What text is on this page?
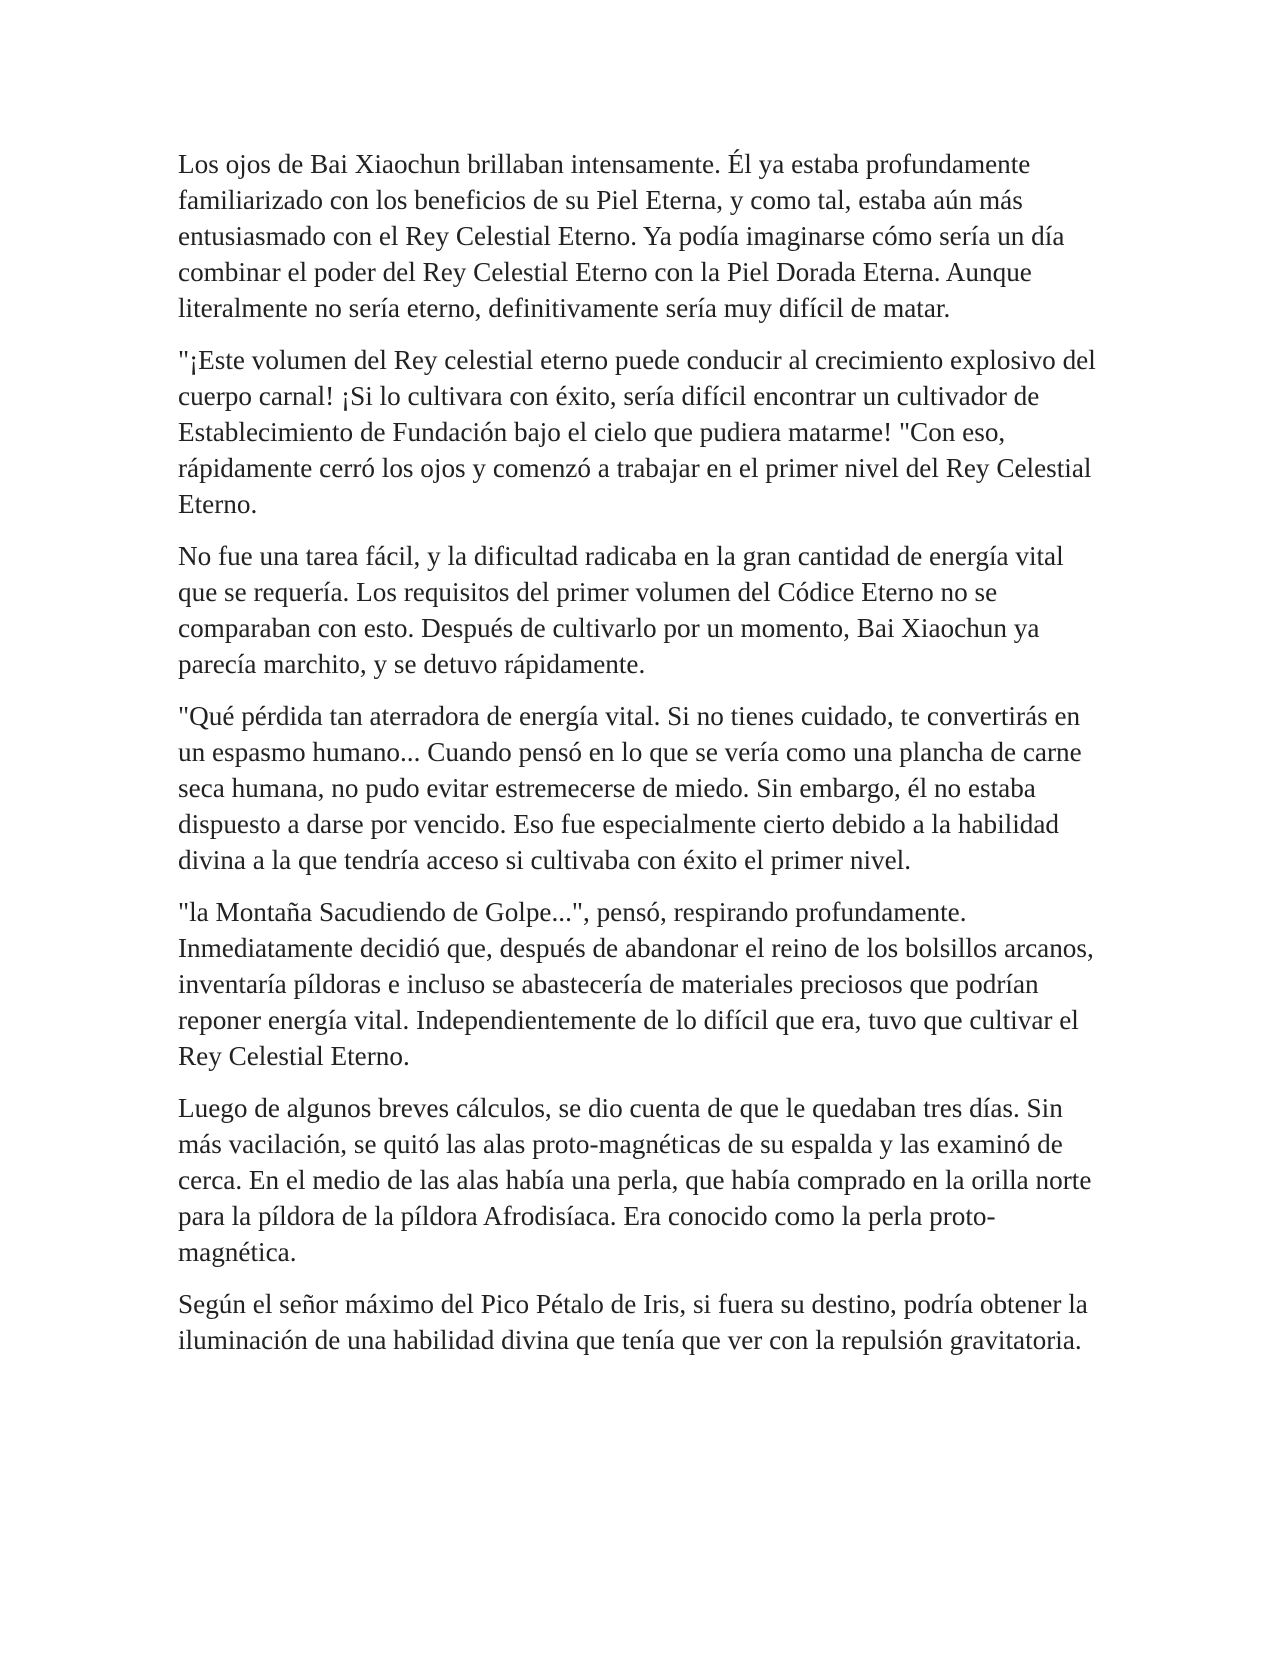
Los ojos de Bai Xiaochun brillaban intensamente. Él ya estaba profundamente familiarizado con los beneficios de su Piel Eterna, y como tal, estaba aún más entusiasmado con el Rey Celestial Eterno. Ya podía imaginarse cómo sería un día combinar el poder del Rey Celestial Eterno con la Piel Dorada Eterna. Aunque literalmente no sería eterno, definitivamente sería muy difícil de matar.

"¡Este volumen del Rey celestial eterno puede conducir al crecimiento explosivo del cuerpo carnal! ¡Si lo cultivara con éxito, sería difícil encontrar un cultivador de Establecimiento de Fundación bajo el cielo que pudiera matarme! "Con eso, rápidamente cerró los ojos y comenzó a trabajar en el primer nivel del Rey Celestial Eterno.

No fue una tarea fácil, y la dificultad radicaba en la gran cantidad de energía vital que se requería. Los requisitos del primer volumen del Códice Eterno no se comparaban con esto. Después de cultivarlo por un momento, Bai Xiaochun ya parecía marchito, y se detuvo rápidamente.

"Qué pérdida tan aterradora de energía vital. Si no tienes cuidado, te convertirás en un espasmo humano... Cuando pensó en lo que se vería como una plancha de carne seca humana, no pudo evitar estremecerse de miedo. Sin embargo, él no estaba dispuesto a darse por vencido. Eso fue especialmente cierto debido a la habilidad divina a la que tendría acceso si cultivaba con éxito el primer nivel.

"la Montaña Sacudiendo de Golpe...", pensó, respirando profundamente. Inmediatamente decidió que, después de abandonar el reino de los bolsillos arcanos, inventaría píldoras e incluso se abastecería de materiales preciosos que podrían reponer energía vital. Independientemente de lo difícil que era, tuvo que cultivar el Rey Celestial Eterno.

Luego de algunos breves cálculos, se dio cuenta de que le quedaban tres días. Sin más vacilación, se quitó las alas proto-magnéticas de su espalda y las examinó de cerca. En el medio de las alas había una perla, que había comprado en la orilla norte para la píldora de la píldora Afrodisíaca. Era conocido como la perla proto-magnética.

Según el señor máximo del Pico Pétalo de Iris, si fuera su destino, podría obtener la iluminación de una habilidad divina que tenía que ver con la repulsión gravitatoria.
